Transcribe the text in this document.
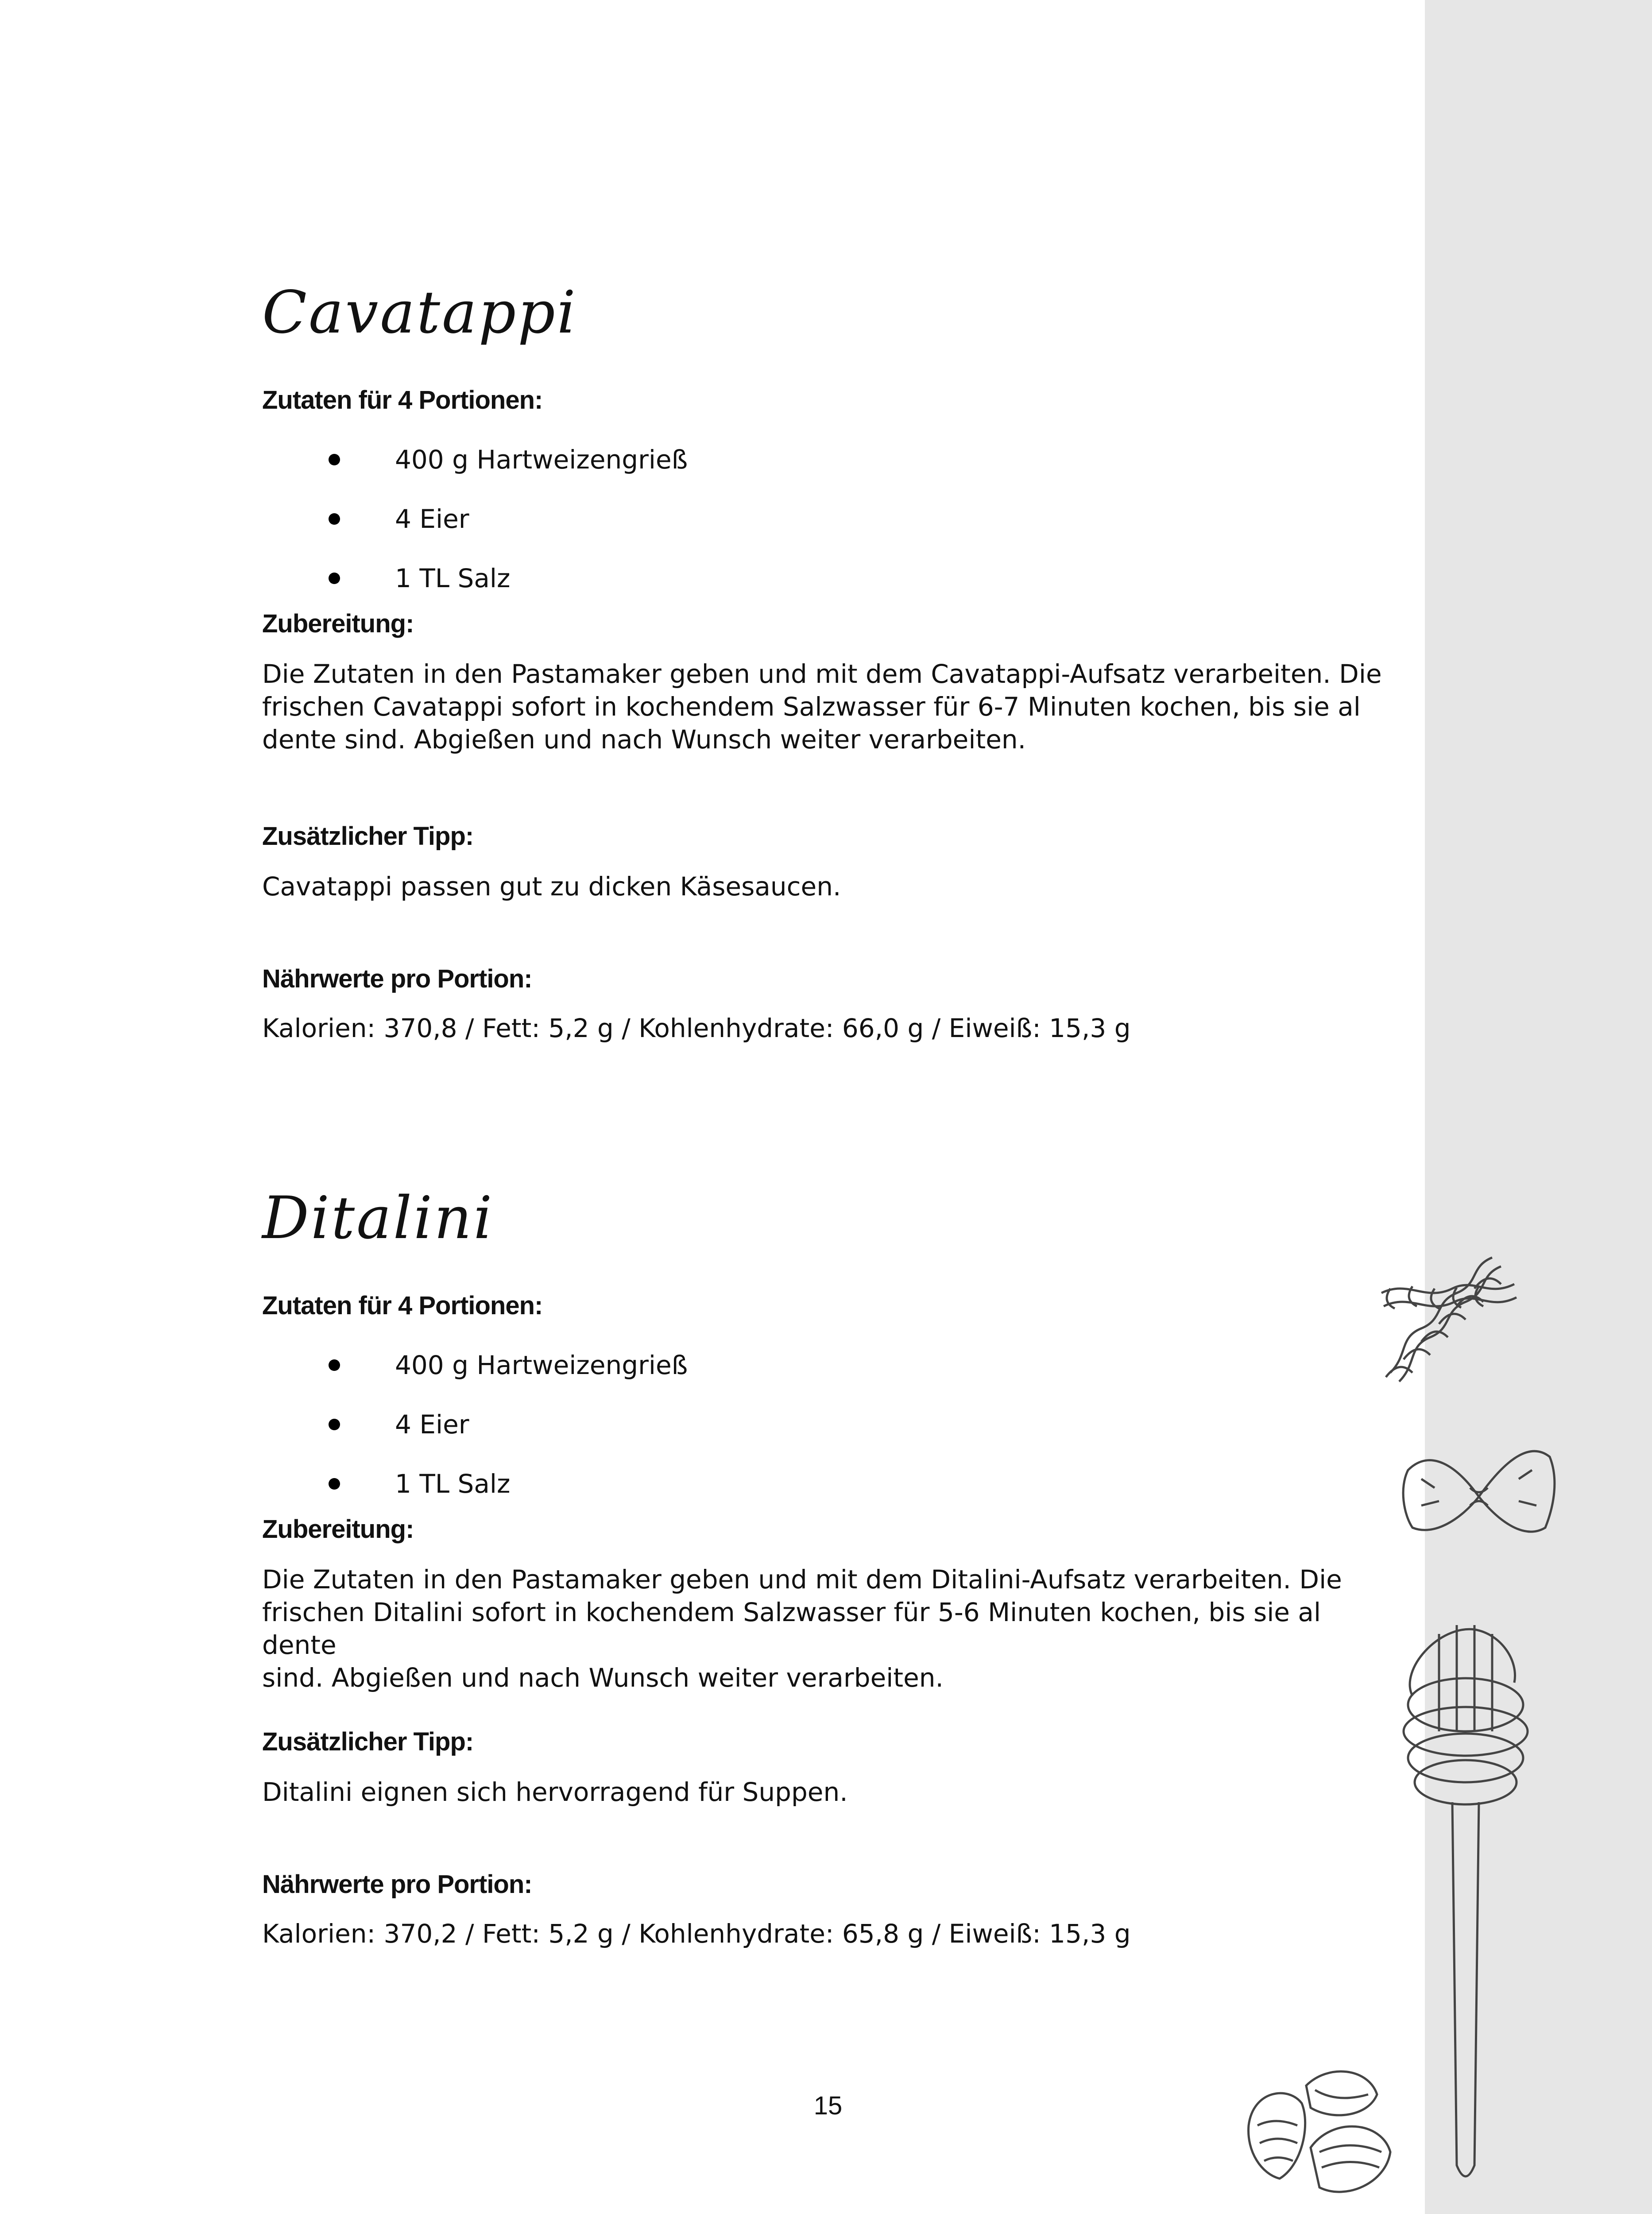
Cavatappi

Zutaten für 4 Portionen:

400 g Hartweizengrieß
4 Eier
1 TL Salz

Zubereitung:

Die Zutaten in den Pastamaker geben und mit dem Cavatappi-Aufsatz verarbeiten. Die

frischen Cavatappi sofort in kochendem Salzwasser für 6-7 Minuten kochen, bis sie al

dente sind. Abgießen und nach Wunsch weiter verarbeiten.

Zusätzlicher Tipp:

Cavatappi passen gut zu dicken Käsesaucen.

Nährwerte pro Portion:

Kalorien: 370,8 / Fett: 5,2 g / Kohlenhydrate: 66,0 g / Eiweiß: 15,3 g

Ditalini

Zutaten für 4 Portionen:

400 g Hartweizengrieß
4 Eier
1 TL Salz

Zubereitung:

Die Zutaten in den Pastamaker geben und mit dem Ditalini-Aufsatz verarbeiten. Die

frischen Ditalini sofort in kochendem Salzwasser für 5-6 Minuten kochen, bis sie al dente

sind. Abgießen und nach Wunsch weiter verarbeiten.

Zusätzlicher Tipp:

Ditalini eignen sich hervorragend für Suppen.

Nährwerte pro Portion:

Kalorien: 370,2 / Fett: 5,2 g / Kohlenhydrate: 65,8 g / Eiweiß: 15,3 g

15
